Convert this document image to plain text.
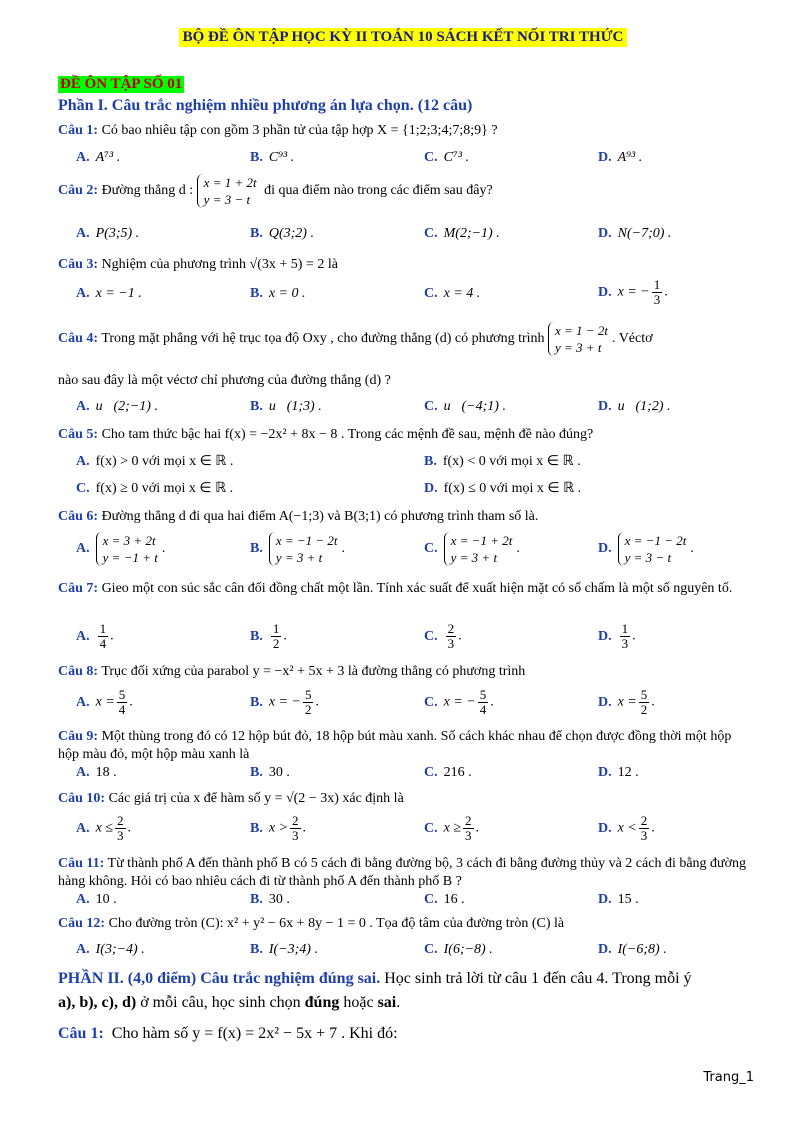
BỘ ĐỀ ÔN TẬP HỌC KỲ II TOÁN 10 SÁCH KẾT NỐI TRI THỨC
ĐỀ ÔN TẬP SỐ 01
Phần I. Câu trắc nghiệm nhiều phương án lựa chọn. (12 câu)
Câu 1: Có bao nhiêu tập con gồm 3 phần tử của tập hợp X = {1;2;3;4;7;8;9} ?
A. A⁷³ .	B. C⁹³ .	C. C⁷³ .	D. A⁹³ .
Câu 2: Đường thẳng d :
x = 1 + 2t
y = 3 − t
đi qua điểm nào trong các điểm sau đây?
A. P(3;5) .	B. Q(3;2) .	C. M(2;−1) .	D. N(−7;0) .
Câu 3: Nghiệm của phương trình √(3x + 5) = 2 là
A. x = −1 .	B. x = 0 .	C. x = 4 .	D. x = − $\frac{1}{3}$ .
Câu 4: Trong mặt phẳng với hệ trục tọa độ Oxy , cho đường thẳng (d) có phương trình
x = 1 − 2t
y = 3 + t
. Véctơ
nào sau đây là một véctơ chỉ phương của đường thẳng (d) ?
A. u⃗(2;−1) .	B. u⃗(1;3) .	C. u⃗(−4;1) .	D. u⃗(1;2) .
Câu 5: Cho tam thức bậc hai f(x) = −2x² + 8x − 8 . Trong các mệnh đề sau, mệnh đề nào đúng?
A. f(x) > 0 với mọi x ∈ ℝ .	B. f(x) < 0 với mọi x ∈ ℝ .
C. f(x) ≥ 0 với mọi x ∈ ℝ .	D. f(x) ≤ 0 với mọi x ∈ ℝ .
Câu 6: Đường thẳng d đi qua hai điểm A(−1;3) và B(3;1) có phương trình tham số là.
A.
x = 3 + 2t
y = −1 + t
.	B.
x = −1 − 2t
y = 3 + t
.	C.
x = −1 + 2t
y = 3 + t
.	D.
x = −1 − 2t
y = 3 − t
.
Câu 7: Gieo một con súc sắc cân đối đồng chất một lần. Tính xác suất để xuất hiện mặt có số chấm là một số nguyên tố.
A. $\frac{1}{4}$ .	B. $\frac{1}{2}$ .	C. $\frac{2}{3}$ .	D. $\frac{1}{3}$ .
Câu 8: Trục đối xứng của parabol y = −x² + 5x + 3 là đường thẳng có phương trình
A. $x = \frac{5}{4}$ .	B. x = − $\frac{5}{2}$ .	C. x = − $\frac{5}{4}$ .	D. $x = \frac{5}{2}$ .
Câu 9: Một thùng trong đó có 12 hộp bút đỏ, 18 hộp bút màu xanh. Số cách khác nhau để chọn được đồng thời một hộp hộp màu đỏ, một hộp màu xanh là
A. 18 .	B. 30 .	C. 216 .	D. 12 .
Câu 10: Các giá trị của x để hàm số y = √(2 − 3x) xác định là
A. $x \le \frac{2}{3}$ .	B. $x > \frac{2}{3}$ .	C. $x \ge \frac{2}{3}$ .	D. $x < \frac{2}{3}$ .
Câu 11: Từ thành phố A đến thành phố B có 5 cách đi bằng đường bộ, 3 cách đi bằng đường thủy và 2 cách đi bằng đường hàng không. Hỏi có bao nhiêu cách đi từ thành phố A đến thành phố B ?
A. 10 .	B. 30 .	C. 16 .	D. 15 .
Câu 12: Cho đường tròn (C): x² + y² − 6x + 8y − 1 = 0 . Tọa độ tâm của đường tròn (C) là
A. I(3;−4) .	B. I(−3;4) .	C. I(6;−8) .	D. I(−6;8) .
PHẦN II. (4,0 điểm) Câu trắc nghiệm đúng sai. Học sinh trả lời từ câu 1 đến câu 4. Trong mỗi ý
a), b), c), d) ở mỗi câu, học sinh chọn đúng hoặc sai.
Câu 1: Cho hàm số y = f(x) = 2x² − 5x + 7 . Khi đó:
Trang_1
